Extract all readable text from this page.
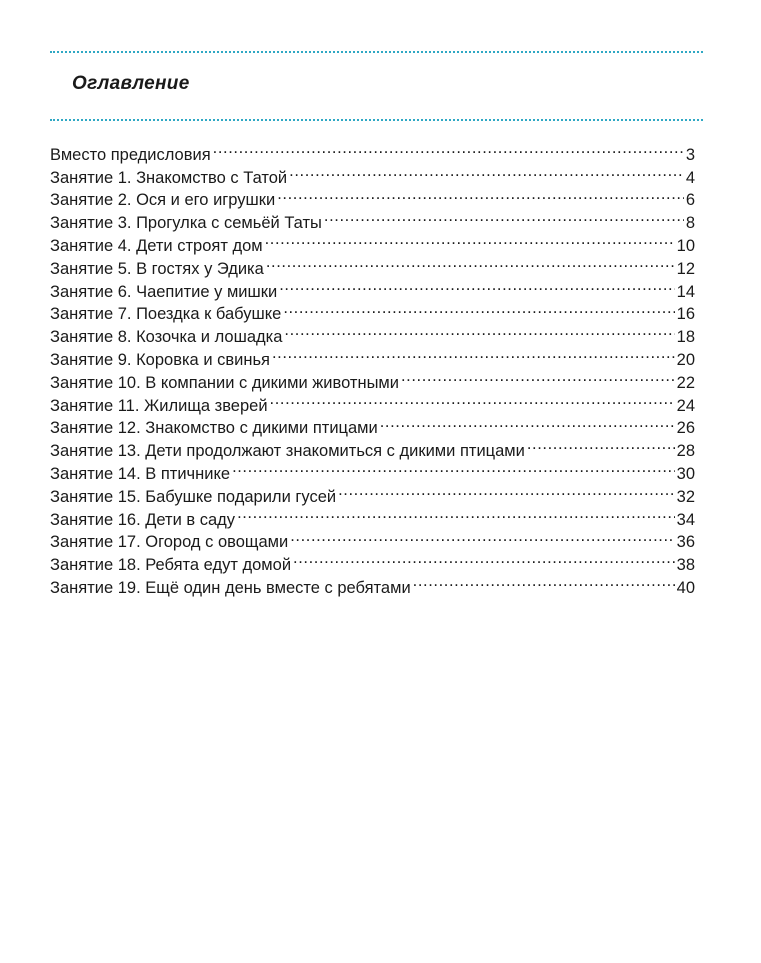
Оглавление
Вместо предисловия .....	3
Занятие 1. Знакомство с Татой .....	4
Занятие 2. Ося и его игрушки .....	6
Занятие 3. Прогулка с семьёй Таты .....	8
Занятие 4. Дети строят дом .....	10
Занятие 5. В гостях у Эдика .....	12
Занятие 6. Чаепитие у мишки .....	14
Занятие 7. Поездка к бабушке .....	16
Занятие 8. Козочка и лошадка .....	18
Занятие 9. Коровка и свинья .....	20
Занятие 10. В компании с дикими животными .....	22
Занятие 11. Жилища зверей .....	24
Занятие 12. Знакомство с дикими птицами .....	26
Занятие 13. Дети продолжают знакомиться с дикими птицами .....	28
Занятие 14. В птичнике .....	30
Занятие 15. Бабушке подарили гусей .....	32
Занятие 16. Дети в саду .....	34
Занятие 17. Огород с овощами .....	36
Занятие 18. Ребята едут домой .....	38
Занятие 19. Ещё один день вместе с ребятами .....	40
